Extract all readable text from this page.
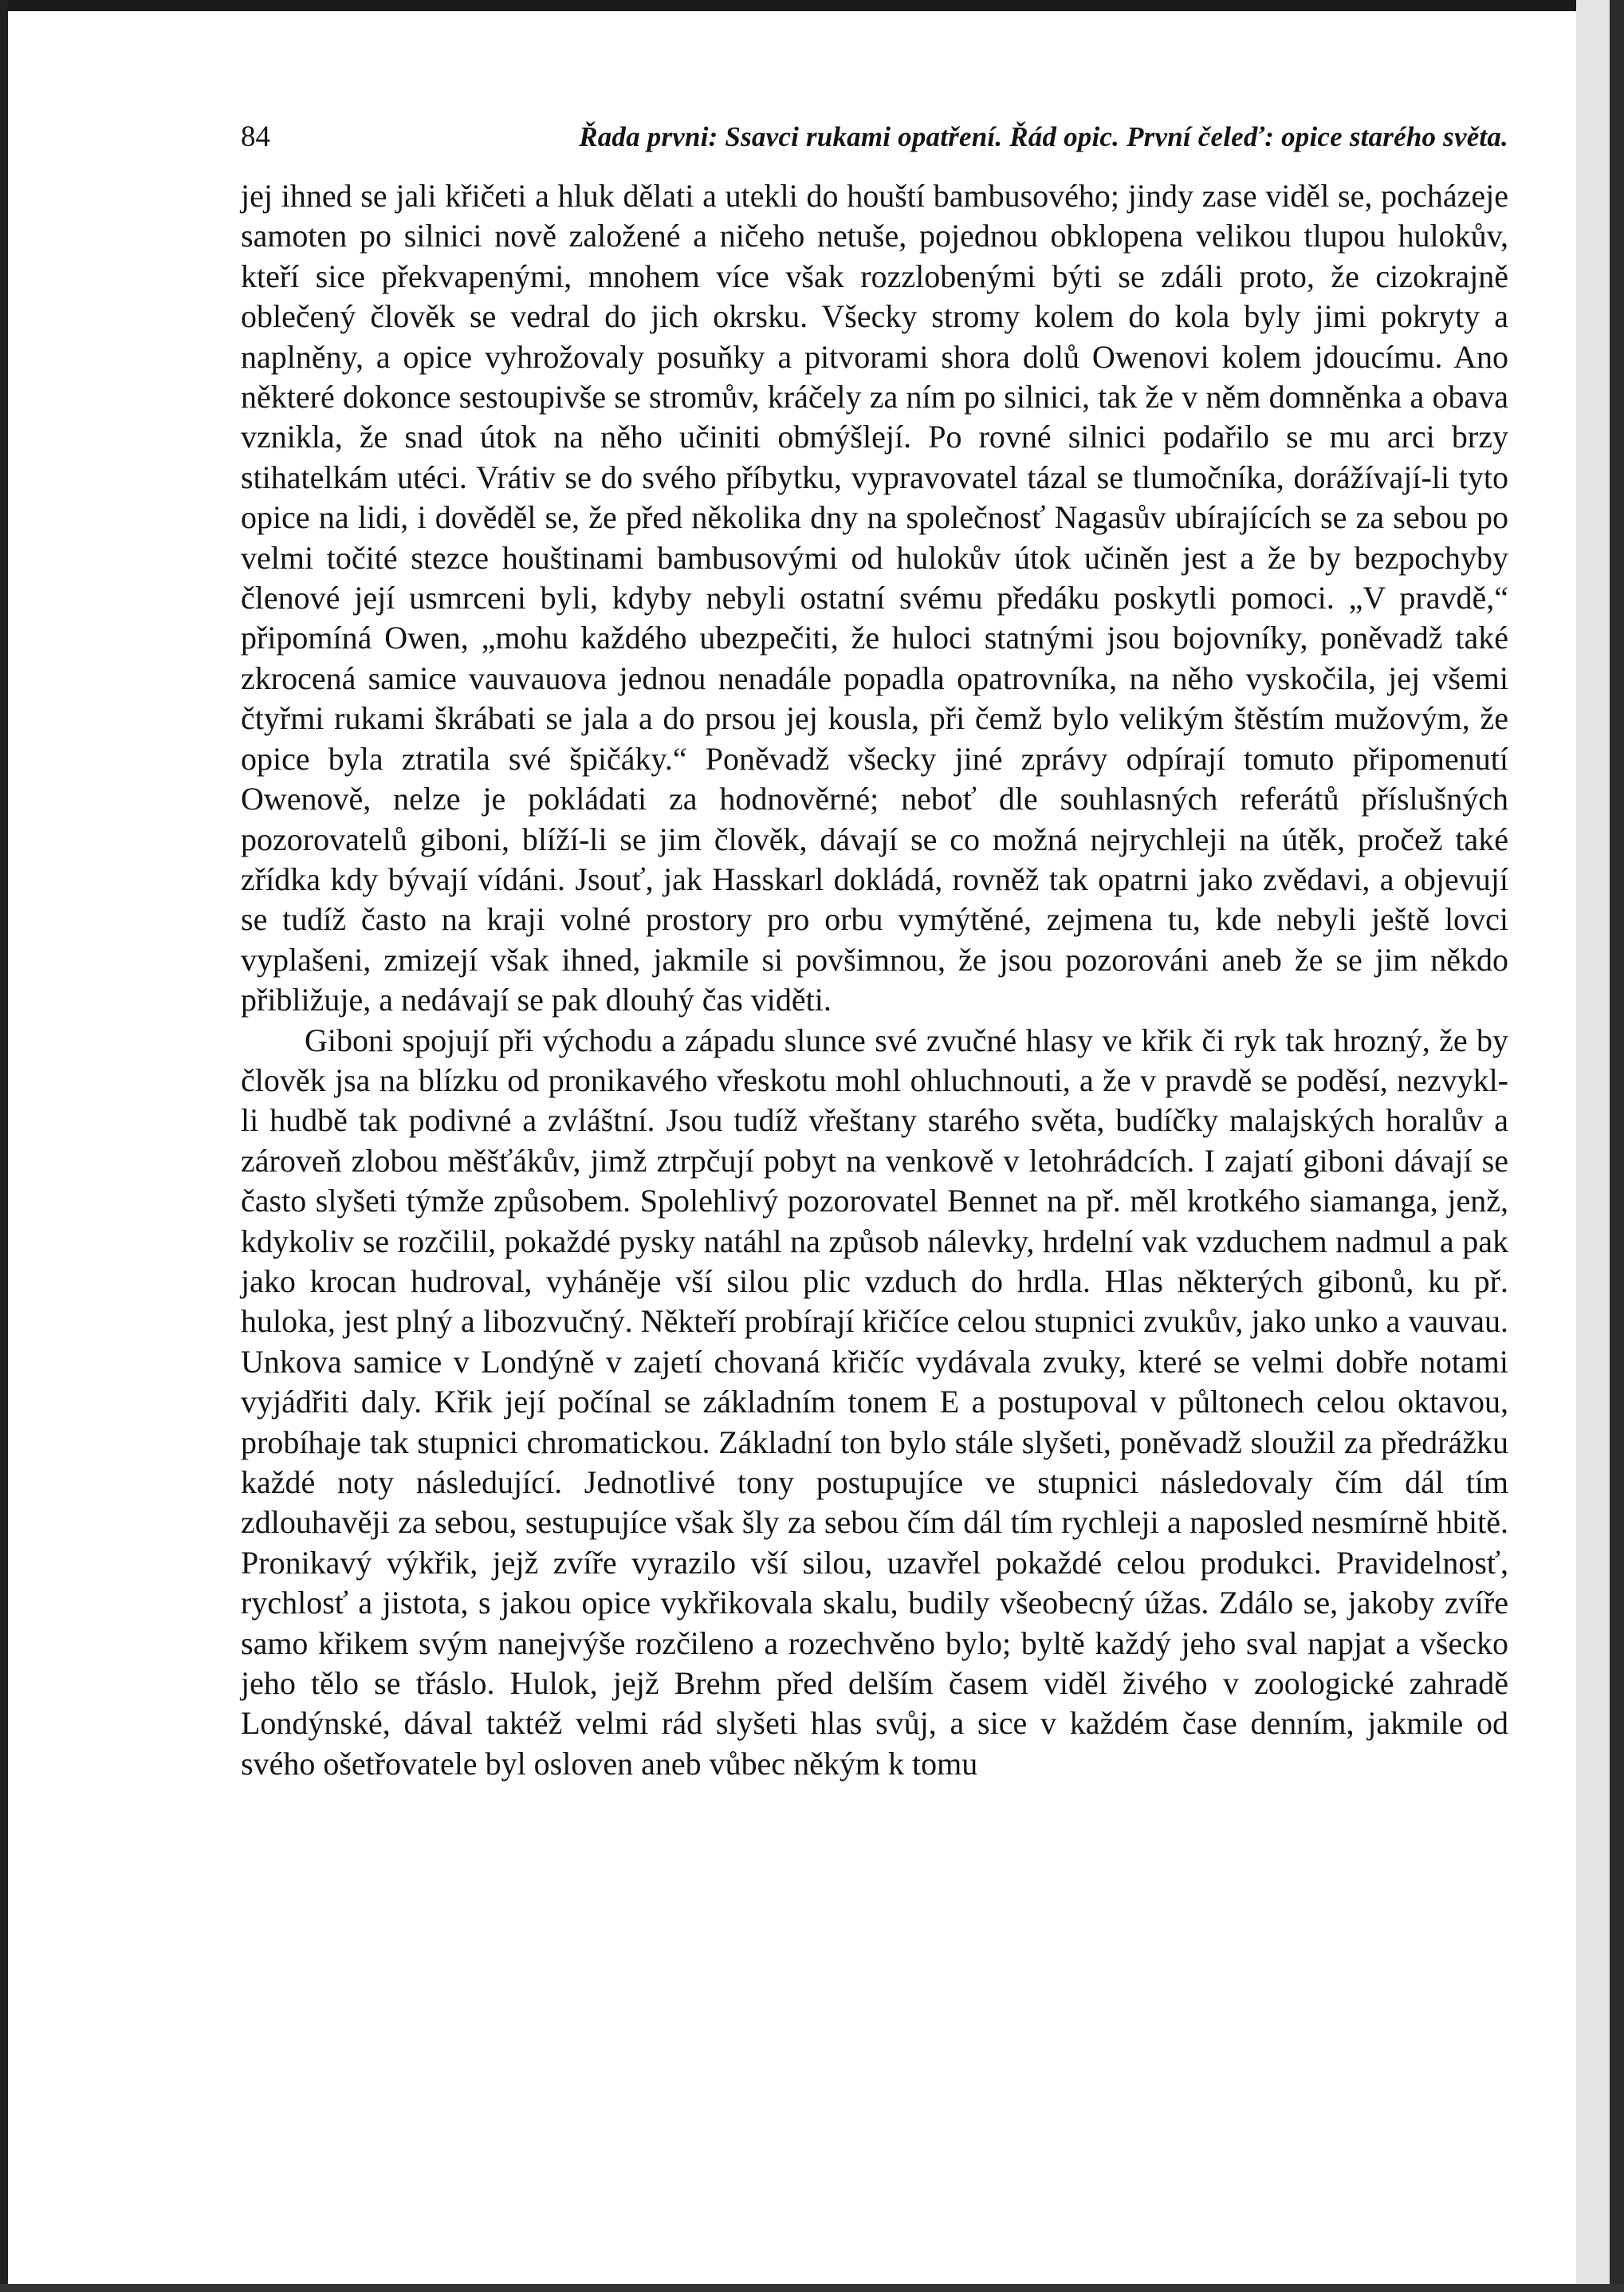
84	Řada prvni: Ssavci rukami opatření. Řád opic. První čeleď: opice starého světa.

jej ihned se jali křičeti a hluk dělati a utekli do houští bambusového; jindy zase viděl se, pocházeje samoten po silnici nově založené a ničeho netuše, pojednou obklopena velikou tlupou hulokův, kteří sice překvapenými, mnohem více však rozzlobenými býti se zdáli proto, že cizokrajně oblečený člověk se vedral do jich okrsku. Všecky stromy kolem do kola byly jimi pokryty a naplněny, a opice vyhrožovaly posuňky a pitvorami shora dolů Owenovi kolem jdoucímu. Ano některé dokonce sestoupivše se stromův, kráčely za ním po silnici, tak že v něm domněnka a obava vznikla, že snad útok na něho učiniti obmýšlejí. Po rovné silnici podařilo se mu arci brzy stihatelkám utéci. Vrátiv se do svého příbytku, vypravovatel tázal se tlumočníka, dorážívají-li tyto opice na lidi, i dověděl se, že před několika dny na společnosť Nagasův ubírajících se za sebou po velmi točité stezce houštinami bambusovými od hulokův útok učiněn jest a že by bezpochyby členové její usmrceni byli, kdyby nebyli ostatní svému předáku poskytli pomoci. „V pravdě,“ připomíná Owen, „mohu každého ubezpečiti, že huloci statnými jsou bojovníky, poněvadž také zkrocená samice vauvauova jednou nenadále popadla opatrovníka, na něho vyskočila, jej všemi čtyřmi rukami škrábati se jala a do prsou jej kousla, při čemž bylo velikým štěstím mužovým, že opice byla ztratila své špičáky.“ Poněvadž všecky jiné zprávy odpírají tomuto připomenutí Owenově, nelze je pokládati za hodnověrné; neboť dle souhlasných referátů příslušných pozorovatelů giboni, blíží-li se jim člověk, dávají se co možná nejrychleji na útěk, pročež také zřídka kdy bývají vídáni. Jsouť, jak Hasskarl dokládá, rovněž tak opatrni jako zvědavi, a objevují se tudíž často na kraji volné prostory pro orbu vymýtěné, zejmena tu, kde nebyli ještě lovci vyplašeni, zmizejí však ihned, jakmile si povšimnou, že jsou pozorováni aneb že se jim někdo přibližuje, a nedávají se pak dlouhý čas viděti.

Giboni spojují při východu a západu slunce své zvučné hlasy ve křik či ryk tak hrozný, že by člověk jsa na blízku od pronikavého vřeskotu mohl ohluchnouti, a že v pravdě se poděsí, nezvykl-li hudbě tak podivné a zvláštní. Jsou tudíž vřeštany starého světa, budíčky malajských horalův a zároveň zlobou měšťákův, jimž ztrpčují pobyt na venkově v letohrádcích. I zajatí giboni dávají se často slyšeti týmže způsobem. Spolehlivý pozorovatel Bennet na př. měl krotkého siamanga, jenž, kdykoliv se rozčilil, pokaždé pysky natáhl na způsob nálevky, hrdelní vak vzduchem nadmul a pak jako krocan hudroval, vyháněje vší silou plic vzduch do hrdla. Hlas některých gibonů, ku př. huloka, jest plný a libozvučný. Někteří probírají křičíce celou stupnici zvukův, jako unko a vauvau. Unkova samice v Londýně v zajetí chovaná křičíc vydávala zvuky, které se velmi dobře notami vyjádřiti daly. Křik její počínal se základním tonem E a postupoval v půltonech celou oktavou, probíhaje tak stupnici chromatickou. Základní ton bylo stále slyšeti, poněvadž sloužil za předrážku každé noty následující. Jednotlivé tony postupujíce ve stupnici následovaly čím dál tím zdlouhavěji za sebou, sestupujíce však šly za sebou čím dál tím rychleji a naposled nesmírně hbitě. Pronikavý výkřik, jejž zvíře vyrazilo vší silou, uzavřel pokaždé celou produkci. Pravidelnosť, rychlosť a jistota, s jakou opice vykřikovala skalu, budily všeobecný úžas. Zdálo se, jakoby zvíře samo křikem svým nanejvýše rozčileno a rozechvěno bylo; byltě každý jeho sval napjat a všecko jeho tělo se třáslo. Hulok, jejž Brehm před delším časem viděl živého v zoologické zahradě Londýnské, dával taktéž velmi rád slyšeti hlas svůj, a sice v každém čase denním, jakmile od svého ošetřovatele byl osloven aneb vůbec někým k tomu
